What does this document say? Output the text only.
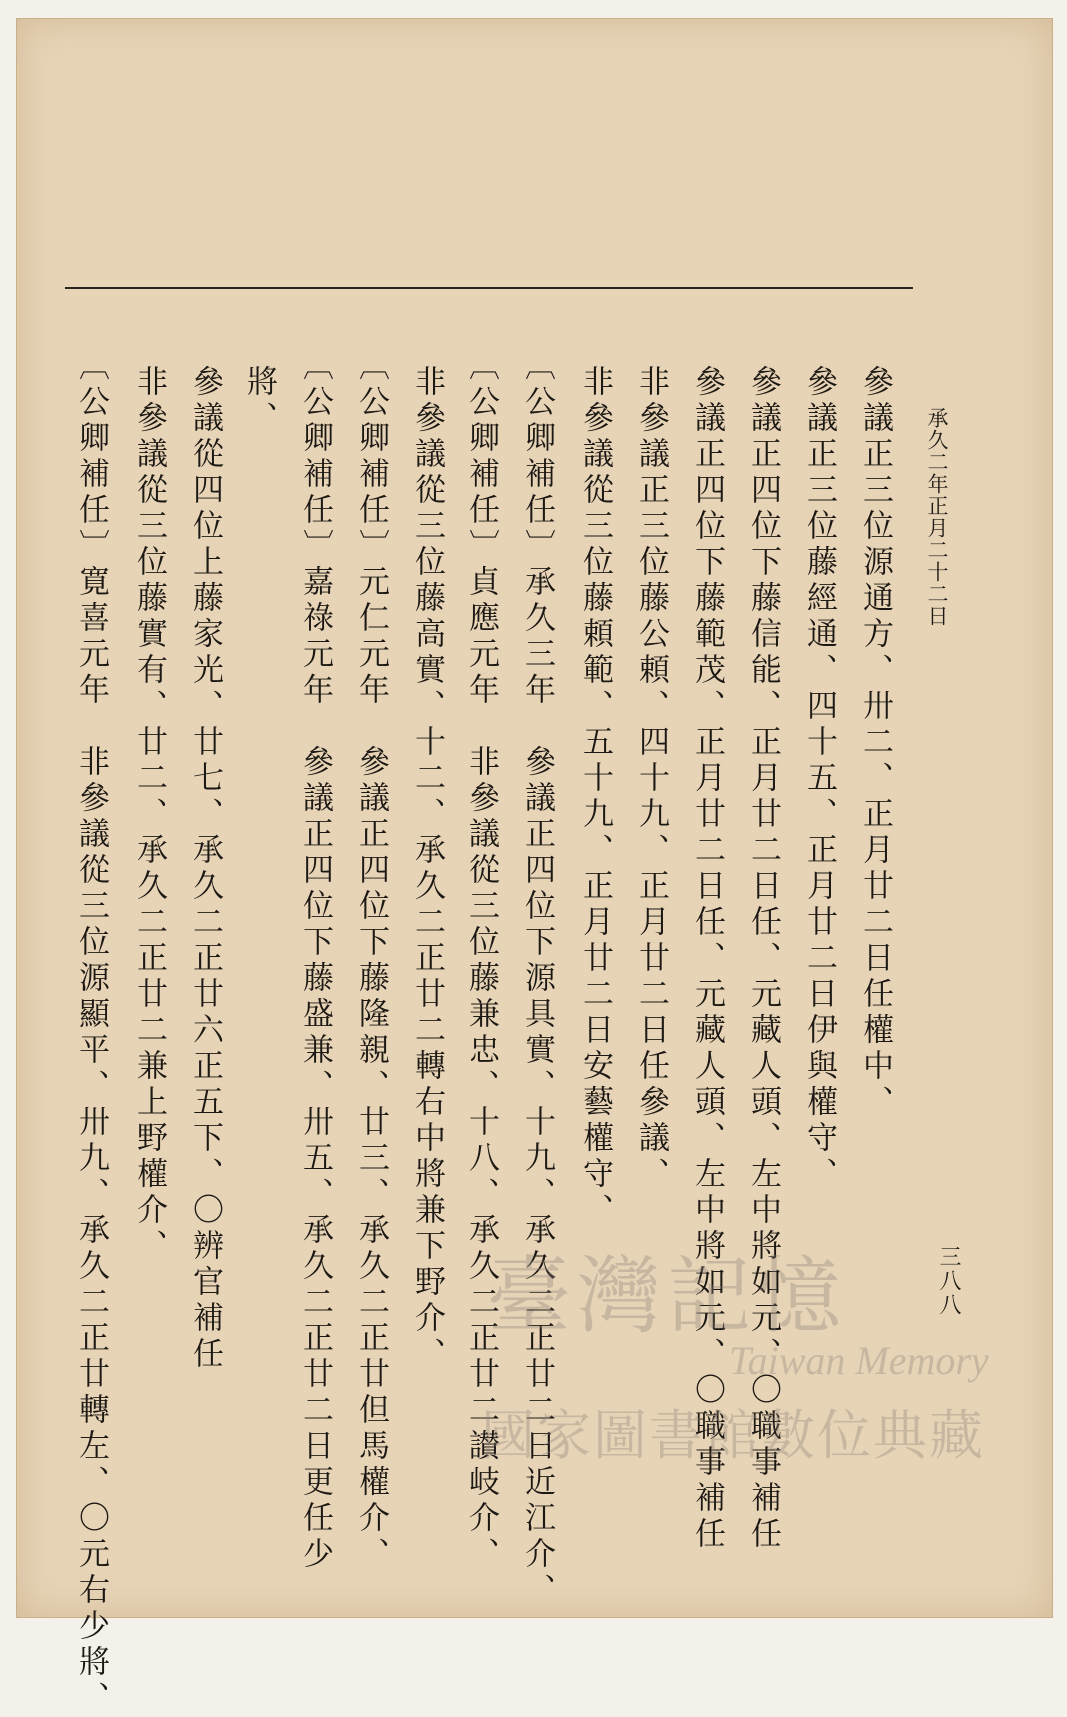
承久二年正月二十二日
三八八
參議正三位源通方、卅二、正月廿二日任權中、
參議正三位藤經通、四十五、正月廿二日伊與權守、
參議正四位下藤信能、正月廿二日任、元藏人頭、左中將如元、〇職事補任
參議正四位下藤範茂、正月廿二日任、元藏人頭、左中將如元、〇職事補任
非參議正三位藤公頼、四十九、正月廿二日任參議、
非參議從三位藤頼範、五十九、正月廿二日安藝權守、
〔公卿補任〕承久三年　參議正四位下源具實、十九、承久二正廿二日近江介、
〔公卿補任〕貞應元年　非參議從三位藤兼忠、十八、承久二正廿二讃岐介、
非參議從三位藤高實、十二、承久二正廿二轉右中將兼下野介、
〔公卿補任〕元仁元年　參議正四位下藤隆親、廿三、承久二正廿但馬權介、
〔公卿補任〕嘉祿元年　參議正四位下藤盛兼、卅五、承久二正廿二日更任少
將、
參議從四位上藤家光、廿七、承久二正廿六正五下、〇辨官補任
非參議從三位藤實有、廿二、承久二正廿二兼上野權介、
〔公卿補任〕寛喜元年　非參議從三位源顯平、卅九、承久二正廿轉左、〇元右少將、	臺灣記憶
Taiwan Memory
國家圖書館數位典藏
